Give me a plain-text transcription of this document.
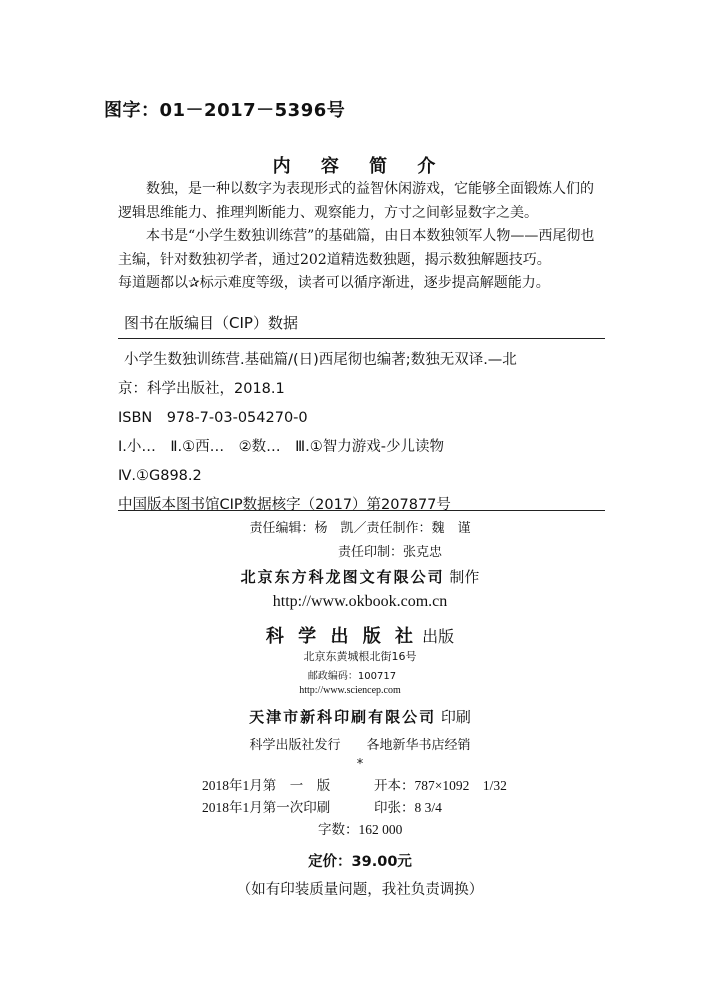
图字：01－2017－5396号
内 容 简 介

数独，是一种以数字为表现形式的益智休闲游戏，它能够全面锻炼人们的逻辑思维能力、推理判断能力、观察能力，方寸之间彰显数字之美。

本书是“小学生数独训练营”的基础篇，由日本数独领军人物——西尾彻也主编，针对数独初学者，通过202道精选数独题，揭示数独解题技巧。

每道题都以✰标示难度等级，读者可以循序渐进，逐步提高解题能力。

图书在版编目（CIP）数据
小学生数独训练营.基础篇/(日)西尾彻也编著;数独无双译.—北
京：科学出版社，2018.1
ISBN　978-7-03-054270-0
Ⅰ.小…　Ⅱ.①西…　②数…　Ⅲ.①智力游戏-少儿读物
Ⅳ.①G898.2
中国版本图书馆CIP数据核字（2017）第207877号
责任编辑：杨　凯／责任制作：魏　谨
责任印制：张克忠
北京东方科龙图文有限公司 制作
http://www.okbook.com.cn
科 学 出 版 社 出版
北京东黄城根北街16号
邮政编码：100717
http://www.sciencep.com
天津市新科印刷有限公司 印刷
科学出版社发行　　各地新华书店经销
*
2018年1月第　一　版	开本：787×1092　1/32
2018年1月第一次印刷	印张：8 3/4
字数：162 000
定价：39.00元
（如有印装质量问题，我社负责调换）
